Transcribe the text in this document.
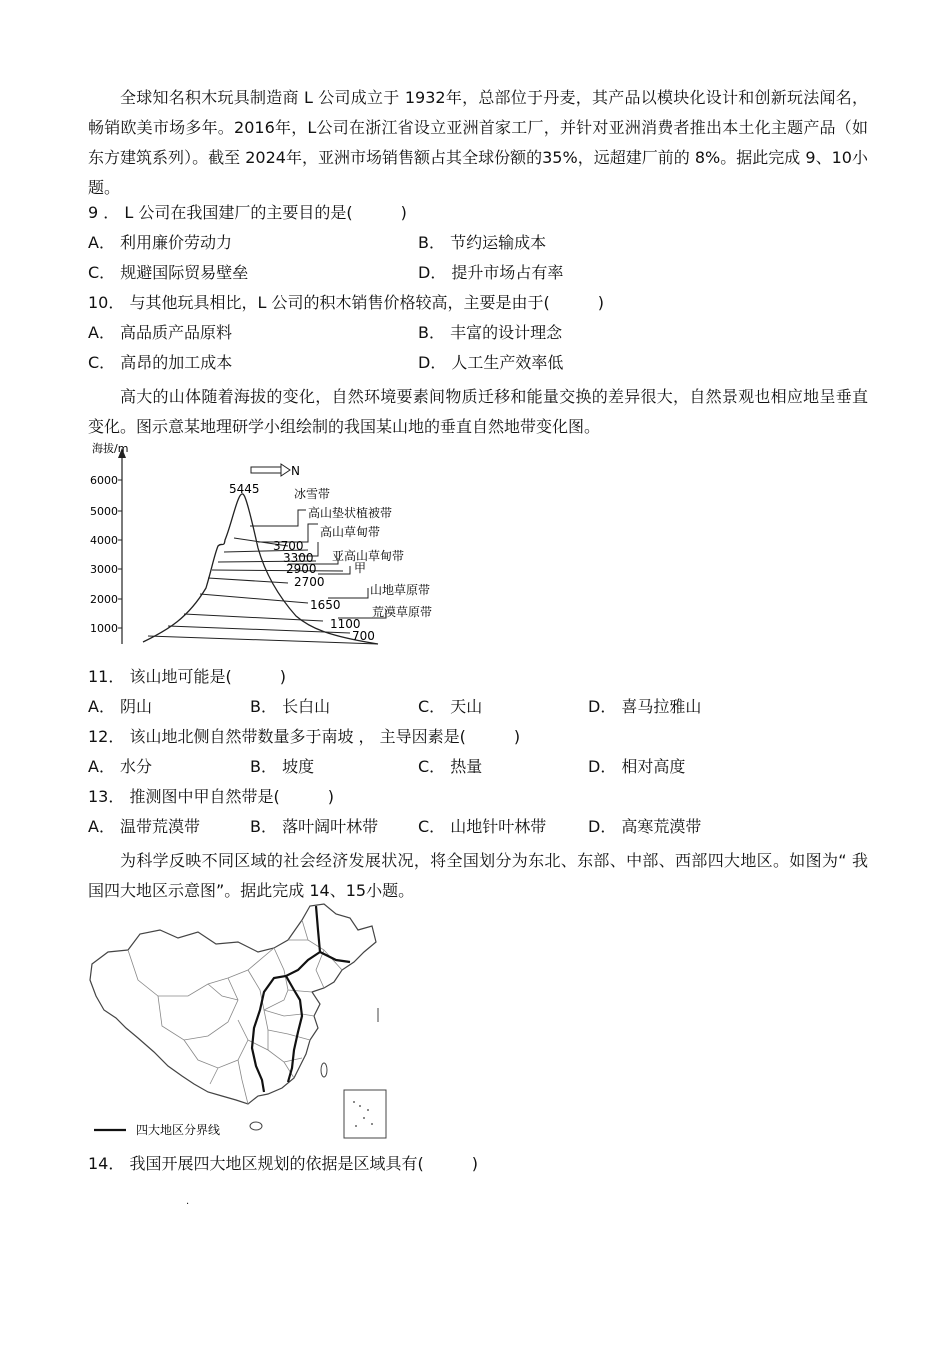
全球知名积木玩具制造商 L 公司成立于 1932年，总部位于丹麦，其产品以模块化设计和创新玩法闻名，畅销欧美市场多年。2016年，L公司在浙江省设立亚洲首家工厂，并针对亚洲消费者推出本土化主题产品（如东方建筑系列）。截至 2024年，亚洲市场销售额占其全球份额的35%，远超建厂前的 8%。据此完成 9、10小题。

9 ． L 公司在我国建厂的主要目的是(　　　)
A． 利用廉价劳动力	B． 节约运输成本
C． 规避国际贸易壁垒	D． 提升市场占有率
10． 与其他玩具相比，L 公司的积木销售价格较高，主要是由于(　　　)
A． 高品质产品原料	B． 丰富的设计理念
C． 高昂的加工成本	D． 人工生产效率低

高大的山体随着海拔的变化，自然环境要素间物质迁移和能量交换的差异很大，自然景观也相应地呈垂直变化。图示意某地理研学小组绘制的我国某山地的垂直自然地带变化图。

海拔/m
6000
5000
4000
3000
2000
1000
N
5445
3700
3300
2900
2700
1650
1100
700
冰雪带
高山垫状植被带
高山草甸带
亚高山草甸带
甲
山地草原带
荒漠草原带
11． 该山地可能是(　　　)
A． 阴山	B． 长白山	C． 天山	D． 喜马拉雅山
12． 该山地北侧自然带数量多于南坡 ， 主导因素是(　　　)
A． 水分	B． 坡度	C． 热量	D． 相对高度
13． 推测图中甲自然带是(　　　)
A． 温带荒漠带	B． 落叶阔叶林带 C． 山地针叶林带	D． 高寒荒漠带

为科学反映不同区域的社会经济发展状况，将全国划分为东北、东部、中部、西部四大地区。如图为“ 我国四大地区示意图”。据此完成 14、15小题。

四大地区分界线
14． 我国开展四大地区规划的依据是区域具有(　　　)
.
